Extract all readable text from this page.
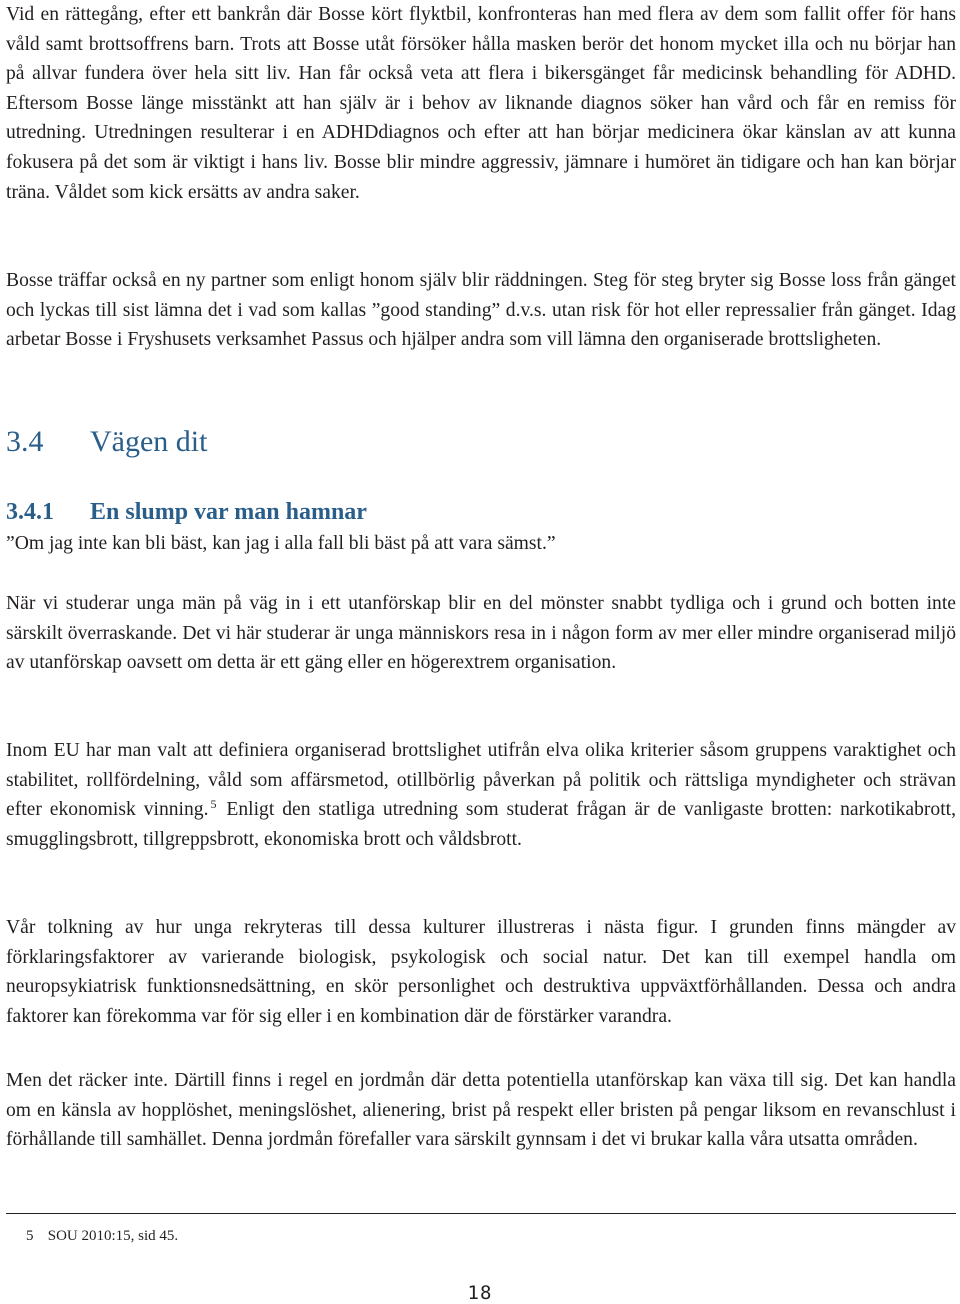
Vid en rättegång, efter ett bankrån där Bosse kört flyktbil, konfronteras han med flera av dem som fallit offer för hans våld samt brottsoffrens barn. Trots att Bosse utåt försöker hålla masken berör det honom mycket illa och nu börjar han på allvar fundera över hela sitt liv. Han får också veta att flera i bikersgänget får medicinsk behandling för ADHD. Eftersom Bosse länge misstänkt att han själv är i behov av liknande diagnos söker han vård och får en remiss för utredning. Utredningen resulterar i en ADHDdiagnos och efter att han börjar medicinera ökar känslan av att kunna fokusera på det som är viktigt i hans liv. Bosse blir mindre aggressiv, jämnare i humöret än tidigare och han kan börjar träna. Våldet som kick ersätts av andra saker.

Bosse träffar också en ny partner som enligt honom själv blir räddningen. Steg för steg bryter sig Bosse loss från gänget och lyckas till sist lämna det i vad som kallas ”good standing” d.v.s. utan risk för hot eller repressalier från gänget. Idag arbetar Bosse i Fryshusets verksamhet Passus och hjälper andra som vill lämna den organiserade brottsligheten.

3.4 Vägen dit
3.4.1 En slump var man hamnar

”Om jag inte kan bli bäst, kan jag i alla fall bli bäst på att vara sämst.”

När vi studerar unga män på väg in i ett utanförskap blir en del mönster snabbt tydliga och i grund och botten inte särskilt överraskande. Det vi här studerar är unga människors resa in i någon form av mer eller mindre organiserad miljö av utanförskap oavsett om detta är ett gäng eller en högerextrem organisation.

Inom EU har man valt att definiera organiserad brottslighet utifrån elva olika kriterier såsom gruppens varaktighet och stabilitet, rollfördelning, våld som affärsmetod, otillbörlig påverkan på politik och rättsliga myndigheter och strävan efter ekonomisk vinning. $^5$ Enligt den statliga utredning som studerat frågan är de vanligaste brotten: narkotikabrott, smugglingsbrott, tillgreppsbrott, ekonomiska brott och våldsbrott.

Vår tolkning av hur unga rekryteras till dessa kulturer illustreras i nästa figur. I grunden finns mängder av förklaringsfaktorer av varierande biologisk, psykologisk och social natur. Det kan till exempel handla om neuropsykiatrisk funktionsnedsättning, en skör personlighet och destruktiva uppväxtförhållanden. Dessa och andra faktorer kan förekomma var för sig eller i en kombination där de förstärker varandra.

Men det räcker inte. Därtill finns i regel en jordmån där detta potentiella utanförskap kan växa till sig. Det kan handla om en känsla av hopplöshet, meningslöshet, alienering, brist på respekt eller bristen på pengar liksom en revanschlust i förhållande till samhället. Denna jordmån förefaller vara särskilt gynnsam i det vi brukar kalla våra utsatta områden.

5 SOU 2010:15, sid 45.
18
